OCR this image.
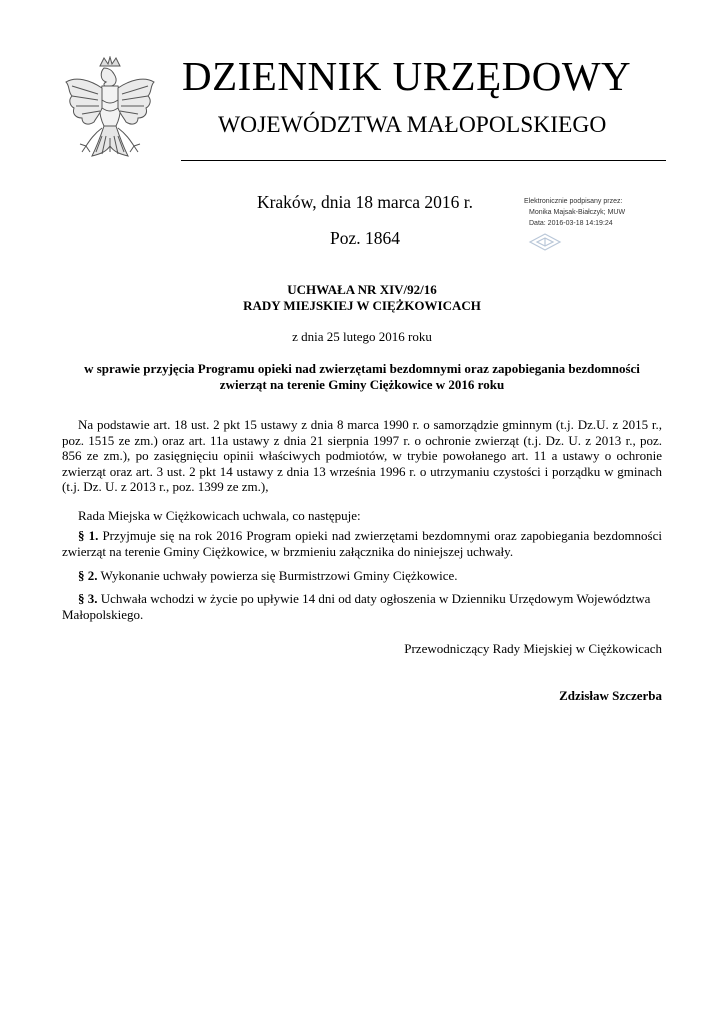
DZIENNIK URZĘDOWY
WOJEWÓDZTWA MAŁOPOLSKIEGO
Kraków, dnia 18 marca 2016 r.
Poz. 1864
Elektronicznie podpisany przez:
Monika Majsak-Białczyk; MUW
Data: 2016-03-18 14:19:24
UCHWAŁA NR XIV/92/16
RADY MIEJSKIEJ W CIĘŻKOWICACH
z dnia 25 lutego 2016 roku
w sprawie przyjęcia Programu opieki nad zwierzętami bezdomnymi oraz zapobiegania bezdomności
zwierząt na terenie Gminy Ciężkowice w 2016 roku
Na podstawie art. 18 ust. 2 pkt 15 ustawy z dnia 8 marca 1990 r. o samorządzie gminnym (t.j. Dz.U. z 2015 r.,
poz. 1515 ze zm.) oraz art. 11a ustawy z dnia 21 sierpnia 1997 r. o ochronie zwierząt (t.j. Dz. U. z 2013 r., poz.
856 ze zm.), po zasięgnięciu opinii właściwych podmiotów, w trybie powołanego art. 11 a ustawy o ochronie
zwierząt oraz art. 3 ust. 2 pkt 14 ustawy z dnia 13 września 1996 r. o utrzymaniu czystości i porządku w gminach
(t.j. Dz. U. z 2013 r., poz. 1399 ze zm.),
Rada Miejska w Ciężkowicach uchwala, co następuje:
§ 1. Przyjmuje się na rok 2016 Program opieki nad zwierzętami bezdomnymi oraz zapobiegania bezdomności
zwierząt na terenie Gminy Ciężkowice, w brzmieniu załącznika do niniejszej uchwały.
§ 2. Wykonanie uchwały powierza się Burmistrzowi Gminy Ciężkowice.
§ 3. Uchwała wchodzi w życie po upływie 14 dni od daty ogłoszenia w Dzienniku Urzędowym Województwa
Małopolskiego.
Przewodniczący Rady Miejskiej w Ciężkowicach
Zdzisław Szczerba
